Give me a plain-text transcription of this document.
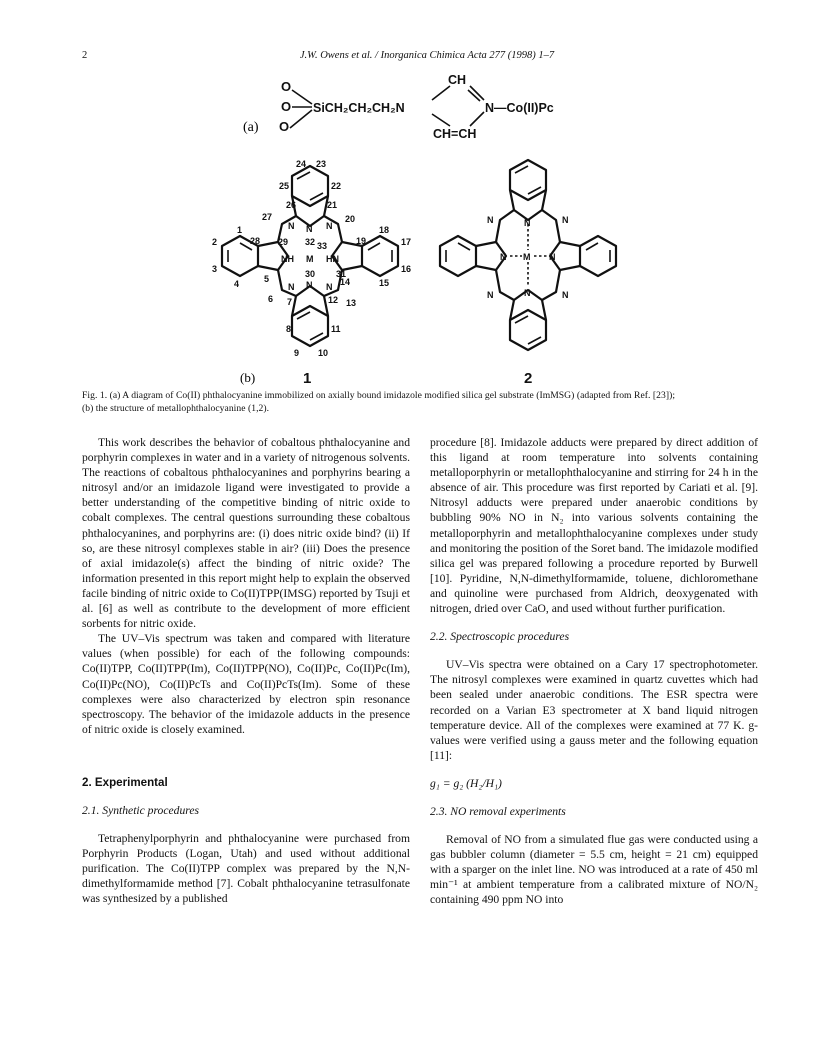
2	J.W. Owens et al. / Inorganica Chimica Acta 277 (1998) 1–7
O
O
O
(a)
SiCH₂CH₂CH₂N
CH
CH=CH
N—Co(II)Pc
N	N
N
NH M HN
N N N
1
2
3
4	5
6 7
8
9 10
11
12 13
14	15
16
17
18
19
20
21
22
23
24
25
26
27
28 29
30 31
32 33
(b)	1
N	N
N
N M N
N
N	N
2
Fig. 1. (a) A diagram of Co(II) phthalocyanine immobilized on axially bound imidazole modified silica gel substrate (ImMSG) (adapted from Ref. [23]);
(b) the structure of metallophthalocyanine (1,2).

This work describes the behavior of cobaltous phthalocyanine and porphyrin complexes in water and in a variety of nitrogenous solvents. The reactions of cobaltous phthalocyanines and porphyrins bearing a nitrosyl and/or an imidazole ligand were investigated to provide a better understanding of the competitive binding of nitric oxide to cobalt complexes. The central questions surrounding these cobaltous phthalocyanines, and porphyrins are: (i) does nitric oxide bind? (ii) If so, are these nitrosyl complexes stable in air? (iii) Does the presence of axial imidazole(s) affect the binding of nitric oxide? The information presented in this report might help to explain the observed facile binding of nitric oxide to Co(II)TPP(IMSG) reported by Tsuji et al. [6] as well as contribute to the development of more efficient sorbents for nitric oxide.

The UV–Vis spectrum was taken and compared with literature values (when possible) for each of the following compounds: Co(II)TPP, Co(II)TPP(Im), Co(II)TPP(NO), Co(II)Pc, Co(II)Pc(Im), Co(II)Pc(NO), Co(II)PcTs and Co(II)PcTs(Im). Some of these complexes were also characterized by electron spin resonance spectroscopy. The behavior of the imidazole adducts in the presence of nitric oxide is closely examined.

2. Experimental

2.1. Synthetic procedures

Tetraphenylporphyrin and phthalocyanine were purchased from Porphyrin Products (Logan, Utah) and used without additional purification. The Co(II)TPP complex was prepared by the N,N-dimethylformamide method [7]. Cobalt phthalocyanine tetrasulfonate was synthesized by a published

procedure [8]. Imidazole adducts were prepared by direct addition of this ligand at room temperature into solvents containing metalloporphyrin or metallophthalocyanine and stirring for 24 h in the absence of air. This procedure was first reported by Cariati et al. [9]. Nitrosyl adducts were prepared under anaerobic conditions by bubbling 90% NO in N₂ into various solvents containing the metalloporphyrin and metallophthalocyanine complexes under study and monitoring the position of the Soret band. The imidazole modified silica gel was prepared following a procedure reported by Burwell [10]. Pyridine, N,N-dimethylformamide, toluene, dichloromethane and quinoline were purchased from Aldrich, deoxygenated with nitrogen, dried over CaO, and used without further purification.

2.2. Spectroscopic procedures

UV–Vis spectra were obtained on a Cary 17 spectrophotometer. The nitrosyl complexes were examined in quartz cuvettes which had been sealed under anaerobic conditions. The ESR spectra were recorded on a Varian E3 spectrometer at X band liquid nitrogen temperature device. All of the complexes were examined at 77 K. g-values were verified using a gauss meter and the following equation [11]:

g₁ = g₂ (H₂/H₁)

2.3. NO removal experiments

Removal of NO from a simulated flue gas were conducted using a gas bubbler column (diameter = 5.5 cm, height = 21 cm) equipped with a sparger on the inlet line. NO was introduced at a rate of 450 ml min⁻¹ at ambient temperature from a calibrated mixture of NO/N₂ containing 490 ppm NO into
